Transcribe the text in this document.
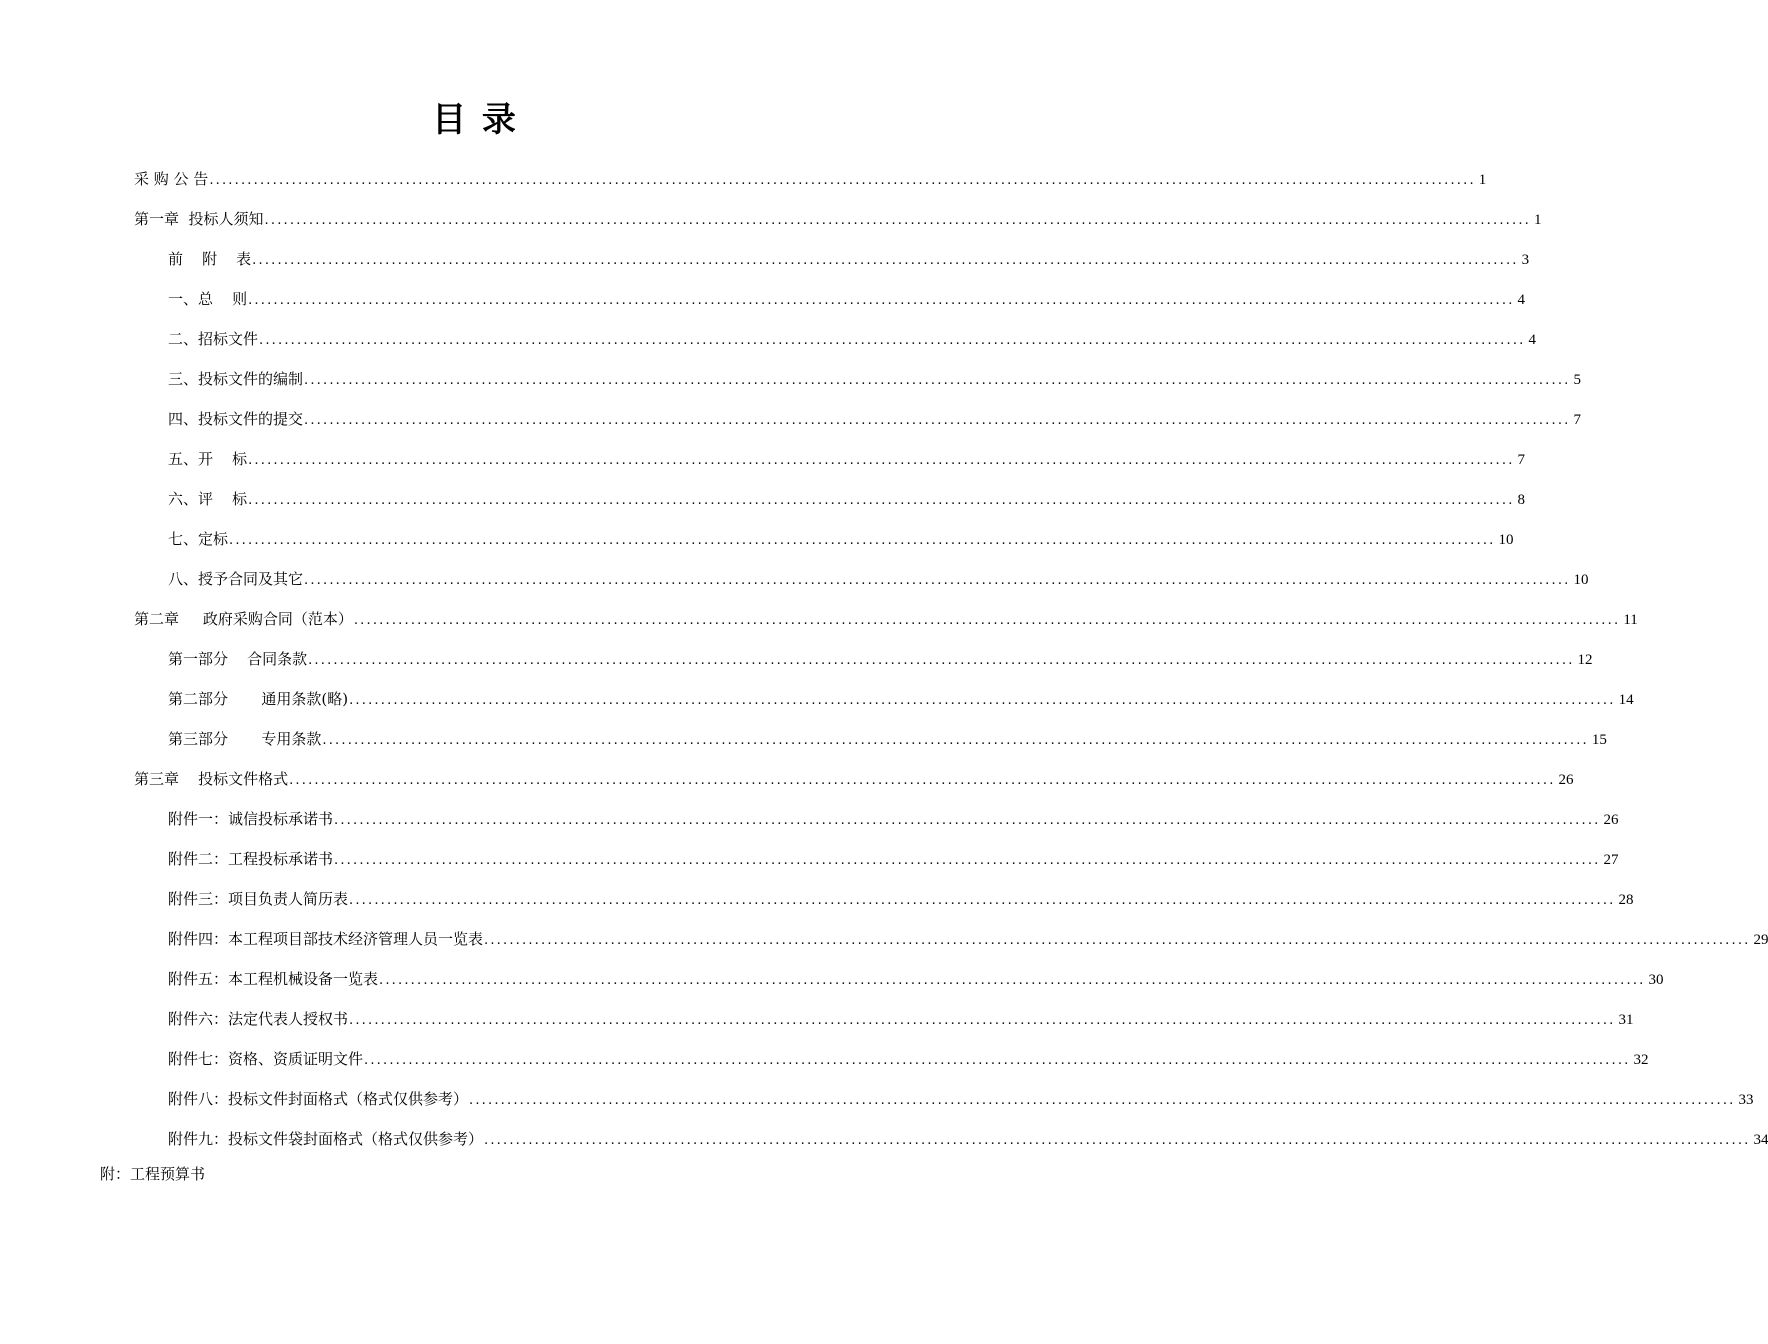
目 录
采 购 公 告 ........................................................................................................................................................................................................ 1
第一章  投标人须知 ........................................................................................................................................................................................................ 1
前    附    表 ........................................................................................................................................................................................................ 3
一、总    则 ........................................................................................................................................................................................................ 4
二、招标文件 ........................................................................................................................................................................................................ 4
三、投标文件的编制 ........................................................................................................................................................................................................ 5
四、投标文件的提交 ........................................................................................................................................................................................................ 7
五、开    标 ........................................................................................................................................................................................................ 7
六、评    标 ........................................................................................................................................................................................................ 8
七、定标 ........................................................................................................................................................................................................ 10
八、授予合同及其它 ........................................................................................................................................................................................................ 10
第二章     政府采购合同（范本） ........................................................................................................................................................................................................ 11
第一部分    合同条款 ........................................................................................................................................................................................................ 12
第二部分       通用条款(略) ........................................................................................................................................................................................................ 14
第三部分       专用条款 ........................................................................................................................................................................................................ 15
第三章    投标文件格式 ........................................................................................................................................................................................................ 26
附件一：诚信投标承诺书 ........................................................................................................................................................................................................ 26
附件二：工程投标承诺书 ........................................................................................................................................................................................................ 27
附件三：项目负责人简历表 ........................................................................................................................................................................................................ 28
附件四：本工程项目部技术经济管理人员一览表 ........................................................................................................................................................................................................ 29
附件五：本工程机械设备一览表 ........................................................................................................................................................................................................ 30
附件六：法定代表人授权书 ........................................................................................................................................................................................................ 31
附件七：资格、资质证明文件 ........................................................................................................................................................................................................ 32
附件八：投标文件封面格式（格式仅供参考） ........................................................................................................................................................................................................ 33
附件九：投标文件袋封面格式（格式仅供参考） ........................................................................................................................................................................................................ 34
附：工程预算书
